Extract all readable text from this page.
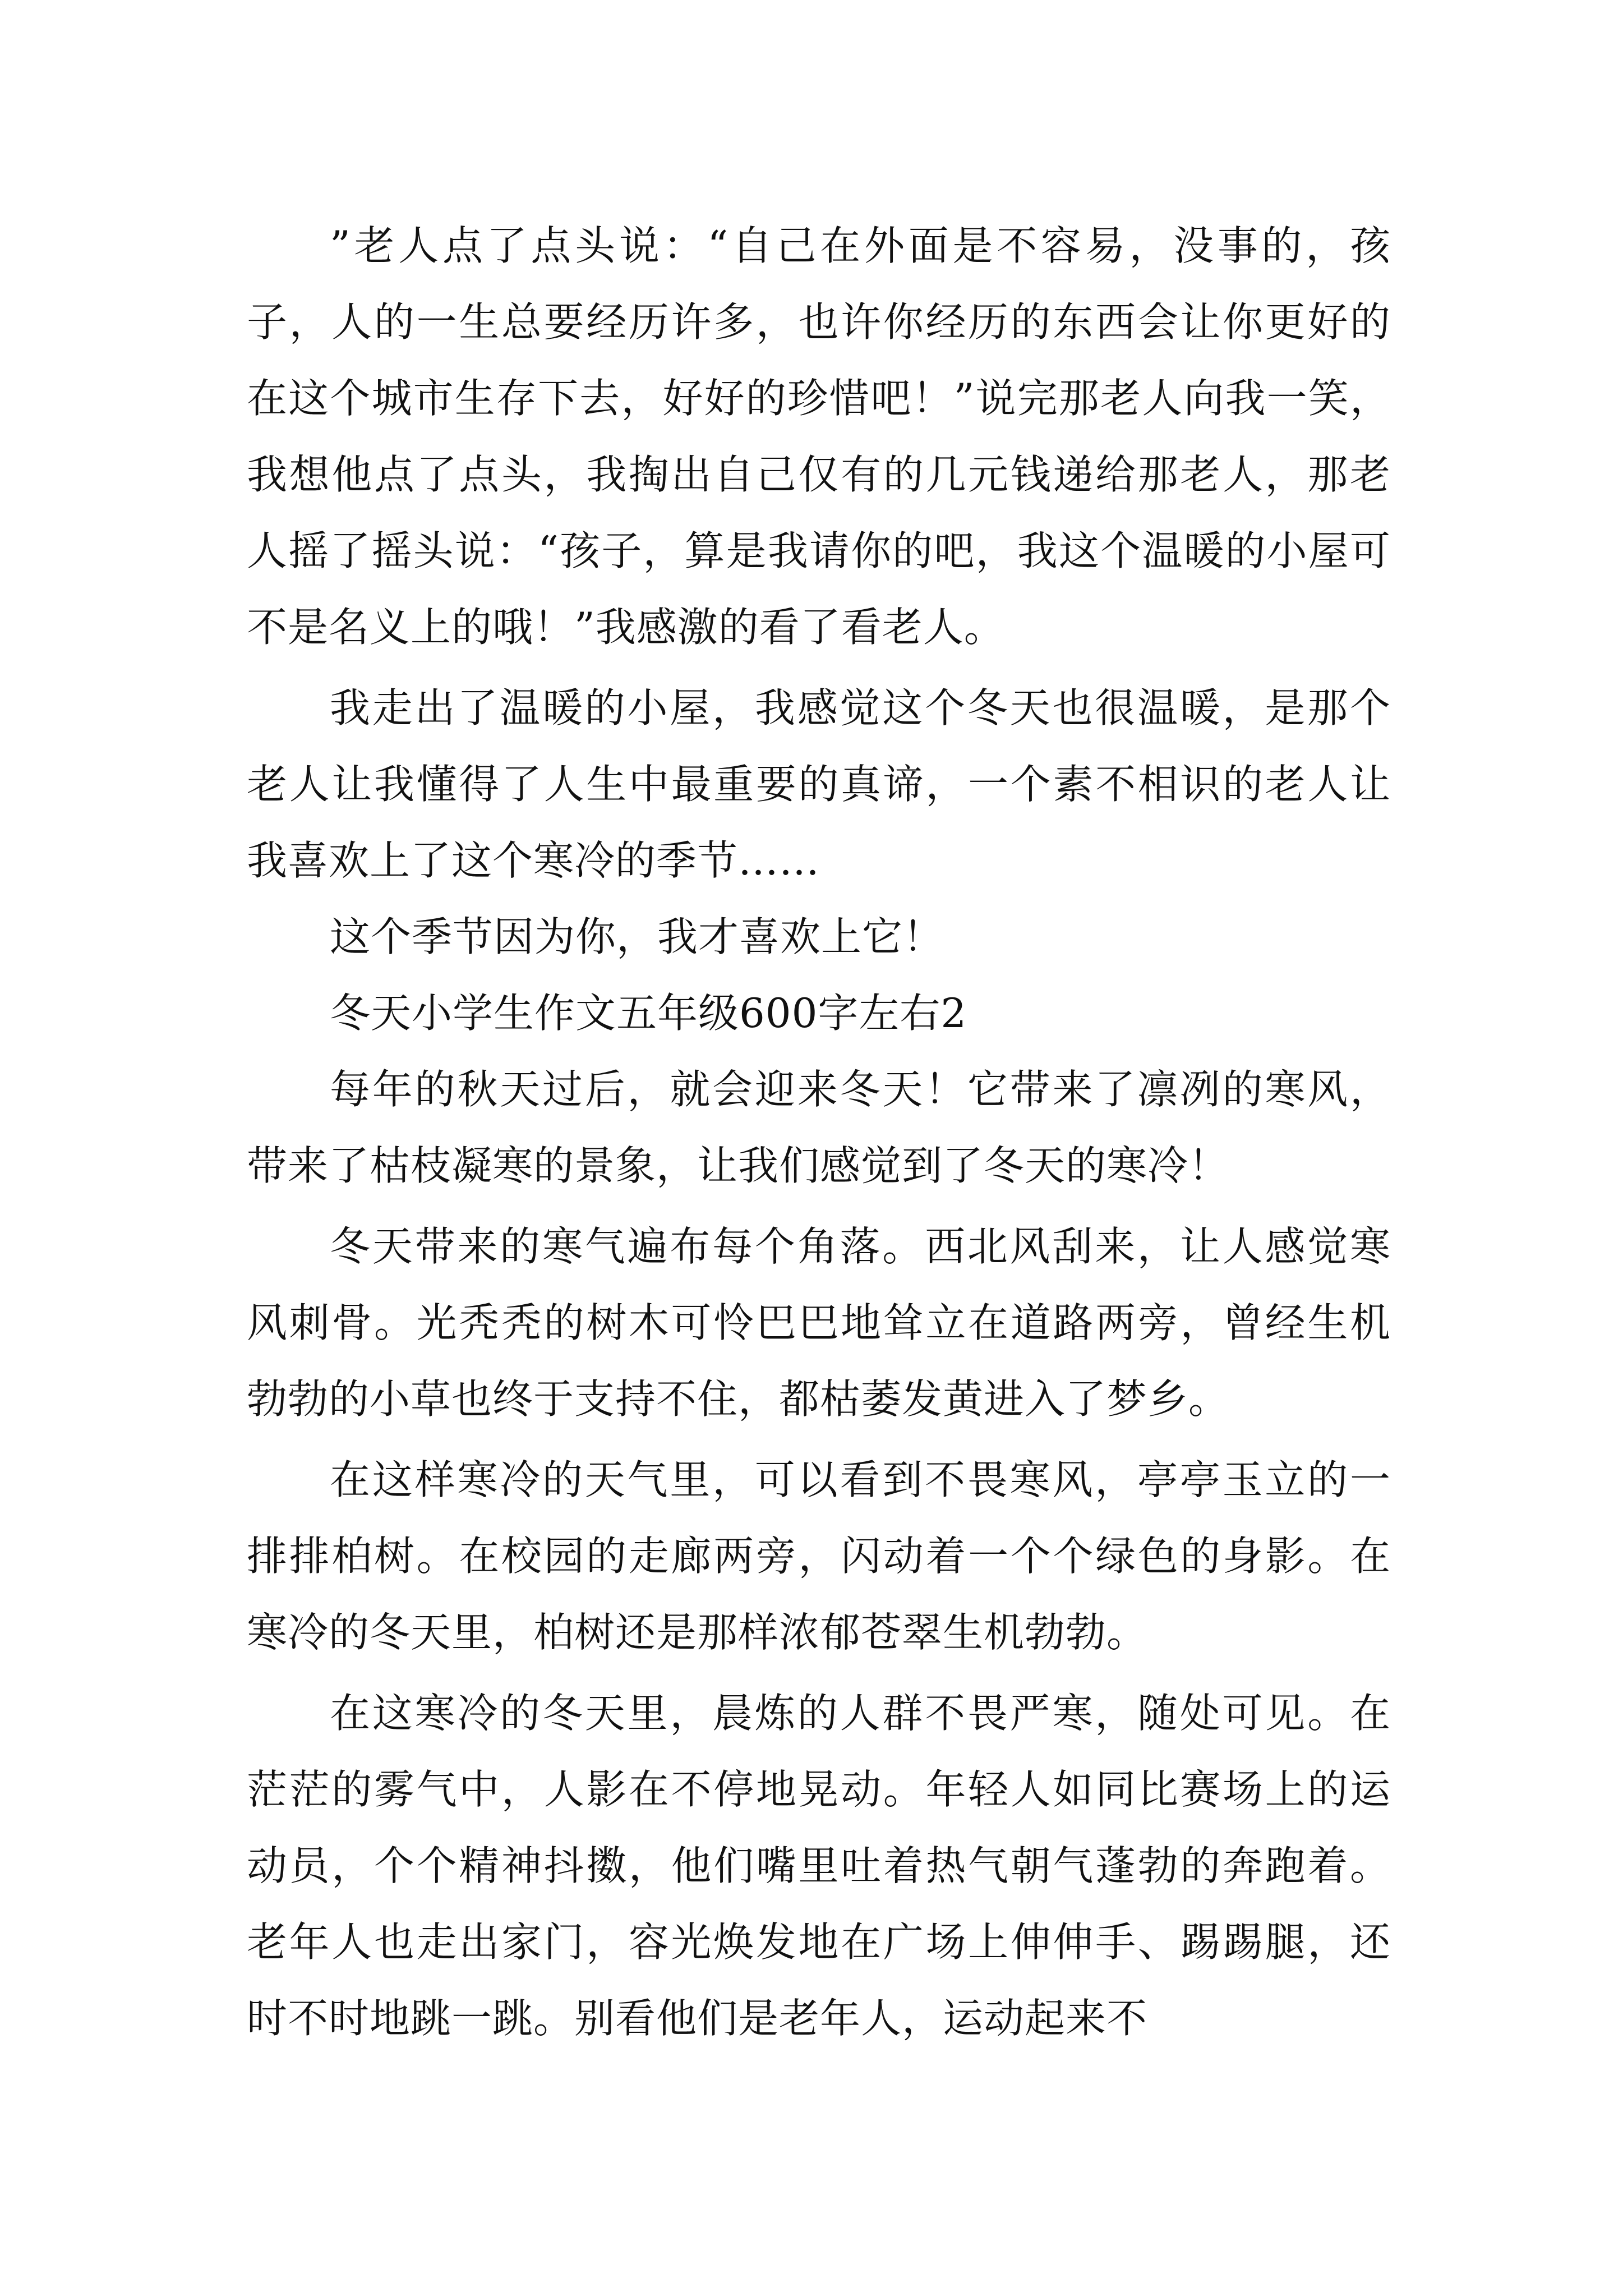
”老人点了点头说：“自己在外面是不容易，没事的，孩子，人的一生总要经历许多，也许你经历的东西会让你更好的在这个城市生存下去，好好的珍惜吧！”说完那老人向我一笑，我想他点了点头，我掏出自己仅有的几元钱递给那老人，那老人摇了摇头说：“孩子，算是我请你的吧，我这个温暖的小屋可不是名义上的哦！”我感激的看了看老人。

我走出了温暖的小屋，我感觉这个冬天也很温暖，是那个老人让我懂得了人生中最重要的真谛，一个素不相识的老人让我喜欢上了这个寒冷的季节……

这个季节因为你，我才喜欢上它！

冬天小学生作文五年级600字左右2

每年的秋天过后，就会迎来冬天！它带来了凛冽的寒风，带来了枯枝凝寒的景象，让我们感觉到了冬天的寒冷！

冬天带来的寒气遍布每个角落。西北风刮来，让人感觉寒风刺骨。光秃秃的树木可怜巴巴地耸立在道路两旁，曾经生机勃勃的小草也终于支持不住，都枯萎发黄进入了梦乡。

在这样寒冷的天气里，可以看到不畏寒风，亭亭玉立的一排排柏树。在校园的走廊两旁，闪动着一个个绿色的身影。在寒冷的冬天里，柏树还是那样浓郁苍翠生机勃勃。

在这寒冷的冬天里，晨炼的人群不畏严寒，随处可见。在茫茫的雾气中，人影在不停地晃动。年轻人如同比赛场上的运动员，个个精神抖擞，他们嘴里吐着热气朝气蓬勃的奔跑着。老年人也走出家门，容光焕发地在广场上伸伸手、踢踢腿，还时不时地跳一跳。别看他们是老年人，运动起来不
